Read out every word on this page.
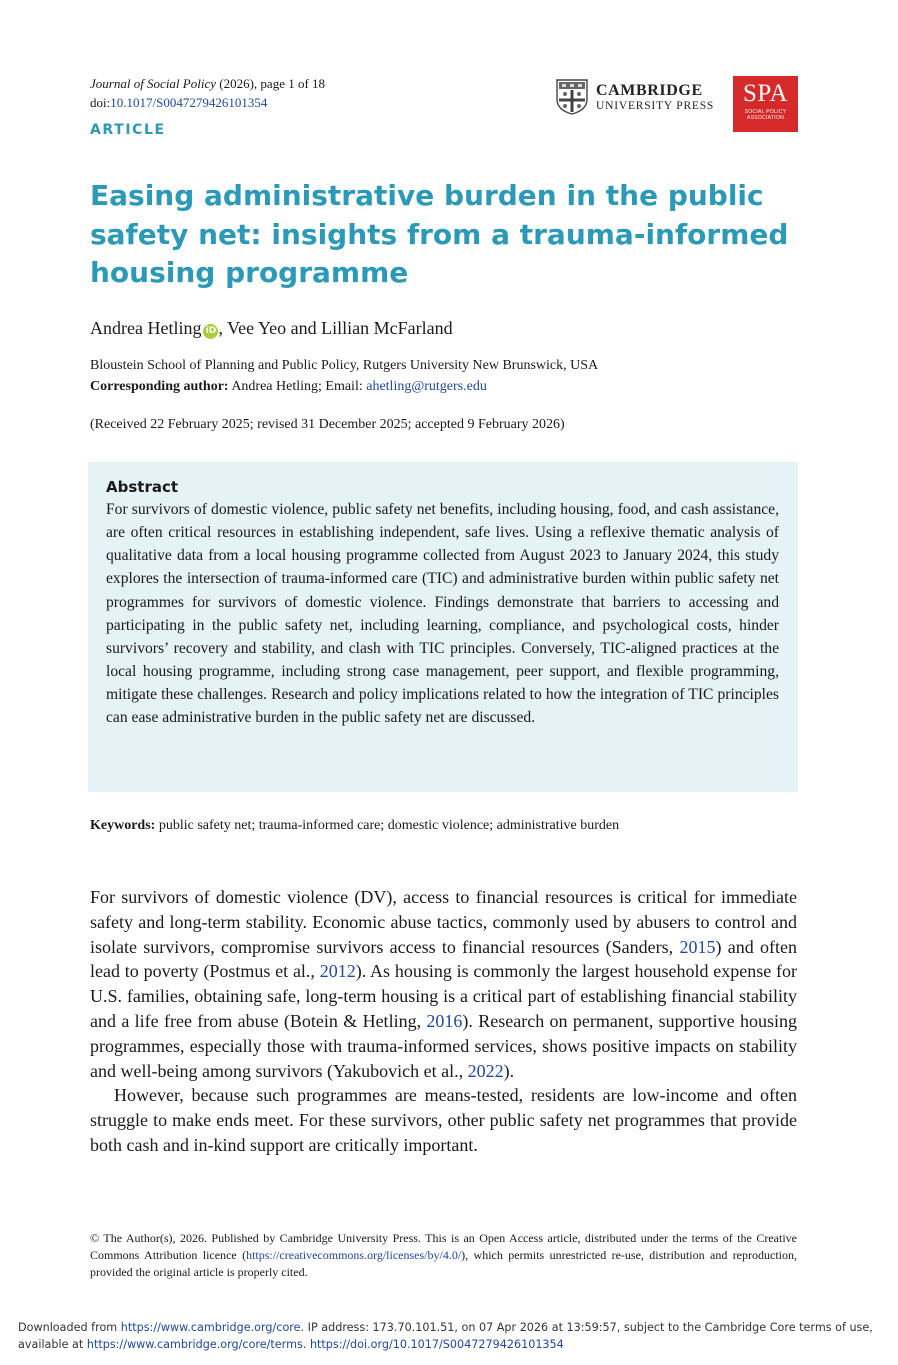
Journal of Social Policy (2026), page 1 of 18
doi:10.1017/S0047279426101354
CAMBRIDGE
UNIVERSITY PRESS	SPA
SOCIAL POLICY ASSOCIATION
ARTICLE
Easing administrative burden in the public safety net: insights from a trauma-informed housing programme
Andrea Hetling iD , Vee Yeo and Lillian McFarland
Bloustein School of Planning and Public Policy, Rutgers University New Brunswick, USA
Corresponding author: Andrea Hetling; Email: ahetling@rutgers.edu
(Received 22 February 2025; revised 31 December 2025; accepted 9 February 2026)
Abstract
For survivors of domestic violence, public safety net benefits, including housing, food, and cash assistance, are often critical resources in establishing independent, safe lives. Using a reflexive thematic analysis of qualitative data from a local housing programme collected from August 2023 to January 2024, this study explores the intersection of trauma-informed care (TIC) and administrative burden within public safety net programmes for survivors of domestic violence. Findings demonstrate that barriers to accessing and participating in the public safety net, including learning, compliance, and psychological costs, hinder survivors’ recovery and stability, and clash with TIC principles. Conversely, TIC-aligned practices at the local housing programme, including strong case management, peer support, and flexible programming, mitigate these challenges. Research and policy implications related to how the integration of TIC principles can ease administrative burden in the public safety net are discussed.
Keywords: public safety net; trauma-informed care; domestic violence; administrative burden

For survivors of domestic violence (DV), access to financial resources is critical for immediate safety and long-term stability. Economic abuse tactics, commonly used by abusers to control and isolate survivors, compromise survivors access to financial resources (Sanders, 2015) and often lead to poverty (Postmus et al., 2012). As housing is commonly the largest household expense for U.S. families, obtaining safe, long-term housing is a critical part of establishing financial stability and a life free from abuse (Botein & Hetling, 2016). Research on permanent, supportive housing programmes, especially those with trauma-informed services, shows positive impacts on stability and well-being among survivors (Yakubovich et al., 2022).

However, because such programmes are means-tested, residents are low-income and often struggle to make ends meet. For these survivors, other public safety net programmes that provide both cash and in-kind support are critically important.

© The Author(s), 2026. Published by Cambridge University Press. This is an Open Access article, distributed under the terms of the Creative Commons Attribution licence (https://creativecommons.org/licenses/by/4.0/), which permits unrestricted re-use, distribution and reproduction, provided the original article is properly cited.
Downloaded from https://www.cambridge.org/core. IP address: 173.70.101.51, on 07 Apr 2026 at 13:59:57, subject to the Cambridge Core terms of use, available at https://www.cambridge.org/core/terms. https://doi.org/10.1017/S0047279426101354
